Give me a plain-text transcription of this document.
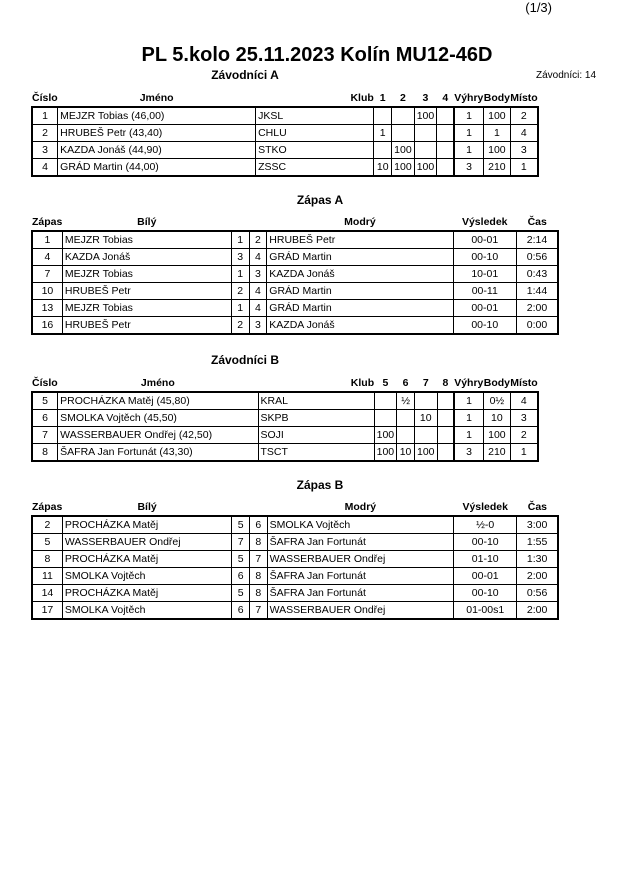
(1/3)
PL 5.kolo 25.11.2023 Kolín MU12-46D
Závodníci: 14
Závodníci A
Číslo	Jméno	Klub	1	2	3	4	Výhry	Body	Místo
1	MEJZR Tobias (46,00)	JKSL			100		1	100	2
2	HRUBEŠ Petr (43,40)	CHLU	1				1	1	4
3	KAZDA Jonáš (44,90)	STKO		100			1	100	3
4	GRÁD Martin (44,00)	ZSSC	10	100	100		3	210	1
Zápas A
Zápas	Bílý			Modrý	Výsledek	Čas
1	MEJZR Tobias	1	2	HRUBEŠ Petr	00-01	2:14
4	KAZDA Jonáš	3	4	GRÁD Martin	00-10	0:56
7	MEJZR Tobias	1	3	KAZDA Jonáš	10-01	0:43
10	HRUBEŠ Petr	2	4	GRÁD Martin	00-11	1:44
13	MEJZR Tobias	1	4	GRÁD Martin	00-01	2:00
16	HRUBEŠ Petr	2	3	KAZDA Jonáš	00-10	0:00
Závodníci B
Číslo	Jméno	Klub	5	6	7	8	Výhry	Body	Místo
5	PROCHÁZKA Matěj (45,80)	KRAL		½			1	0½	4
6	SMOLKA Vojtěch (45,50)	SKPB			10		1	10	3
7	WASSERBAUER Ondřej (42,50)	SOJI	100				1	100	2
8	ŠAFRA Jan Fortunát (43,30)	TSCT	100	10	100		3	210	1
Zápas B
Zápas	Bílý			Modrý	Výsledek	Čas
2	PROCHÁZKA Matěj	5	6	SMOLKA Vojtěch	½-0	3:00
5	WASSERBAUER Ondřej	7	8	ŠAFRA Jan Fortunát	00-10	1:55
8	PROCHÁZKA Matěj	5	7	WASSERBAUER Ondřej	01-10	1:30
11	SMOLKA Vojtěch	6	8	ŠAFRA Jan Fortunát	00-01	2:00
14	PROCHÁZKA Matěj	5	8	ŠAFRA Jan Fortunát	00-10	0:56
17	SMOLKA Vojtěch	6	7	WASSERBAUER Ondřej	01-00s1	2:00
